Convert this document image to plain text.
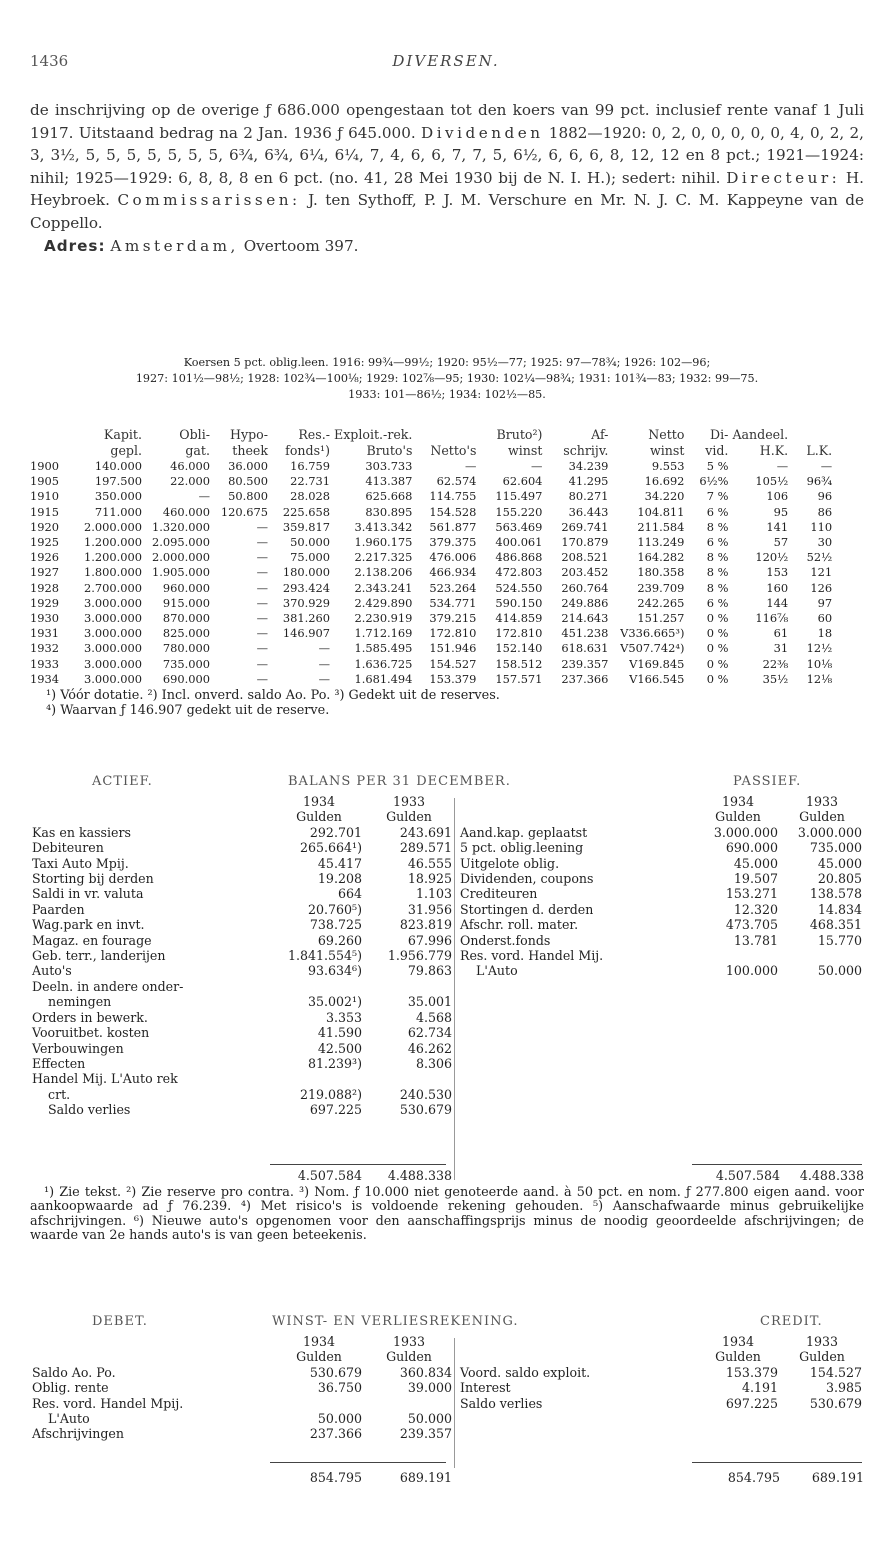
1436	DIVERSEN.

de inschrijving op de overige ƒ 686.000 opengestaan tot den koers van 99 pct. inclusief rente vanaf 1 Juli 1917. Uitstaand bedrag na 2 Jan. 1936 ƒ 645.000. Dividenden 1882—1920: 0, 2, 0, 0, 0, 0, 0, 4, 0, 2, 2, 3, 3½, 5, 5, 5, 5, 5, 5, 5, 6¾, 6¾, 6¼, 6¼, 7, 4, 6, 6, 7, 7, 5, 6½, 6, 6, 6, 8, 12, 12 en 8 pct.; 1921—1924: nihil; 1925—1929: 6, 8, 8, 8 en 6 pct. (no. 41, 28 Mei 1930 bij de N. I. H.); sedert: nihil. Directeur: H. Heybroek. Commissarissen: J. ten Sythoff, P. J. M. Verschure en Mr. N. J. C. M. Kappeyne van de Coppello.

Adres: Amsterdam, Overtoom 397.

Koersen 5 pct. oblig.leen. 1916: 99¾—99½; 1920: 95½—77; 1925: 97—78¾; 1926: 102—96;

1927: 101½—98½; 1928: 102¾—100⅛; 1929: 102⅞—95; 1930: 102¼—98¾; 1931: 101¾—83; 1932: 99—75.

1933: 101—86½; 1934: 102½—85.

	Kapit.	Obli-	Hypo-	Res.-	Exploit.-rek.		Bruto²)	Af-	Netto	Di-	Aandeel.	
	gepl.	gat.	theek	fonds¹)	Bruto's	Netto's	winst	schrijv.	winst	vid.	H.K.	L.K.
1900	140.000	46.000	36.000	16.759	303.733	—	—	34.239	9.553	5 %	—	—
1905	197.500	22.000	80.500	22.731	413.387	62.574	62.604	41.295	16.692	6½%	105½	96¾
1910	350.000	—	50.800	28.028	625.668	114.755	115.497	80.271	34.220	7 %	106	96
1915	711.000	460.000	120.675	225.658	830.895	154.528	155.220	36.443	104.811	6 %	95	86
1920	2.000.000	1.320.000	—	359.817	3.413.342	561.877	563.469	269.741	211.584	8 %	141	110
1925	1.200.000	2.095.000	—	50.000	1.960.175	379.375	400.061	170.879	113.249	6 %	57	30
1926	1.200.000	2.000.000	—	75.000	2.217.325	476.006	486.868	208.521	164.282	8 %	120½	52½
1927	1.800.000	1.905.000	—	180.000	2.138.206	466.934	472.803	203.452	180.358	8 %	153	121
1928	2.700.000	960.000	—	293.424	2.343.241	523.264	524.550	260.764	239.709	8 %	160	126
1929	3.000.000	915.000	—	370.929	2.429.890	534.771	590.150	249.886	242.265	6 %	144	97
1930	3.000.000	870.000	—	381.260	2.230.919	379.215	414.859	214.643	151.257	0 %	116⅞	60
1931	3.000.000	825.000	—	146.907	1.712.169	172.810	172.810	451.238	V336.665³)	0 %	61	18
1932	3.000.000	780.000	—	—	1.585.495	151.946	152.140	618.631	V507.742⁴)	0 %	31	12½
1933	3.000.000	735.000	—	—	1.636.725	154.527	158.512	239.357	V169.845	0 %	22⅜	10⅛
1934	3.000.000	690.000	—	—	1.681.494	153.379	157.571	237.366	V166.545	0 %	35½	12⅛

¹) Vóór dotatie. ²) Incl. onverd. saldo Ao. Po. ³) Gedekt uit de reserves.

⁴) Waarvan ƒ 146.907 gedekt uit de reserve.

ACTIEF.	BALANS PER 31 DECEMBER.	PASSIEF.
	1934	1933
	Gulden	Gulden
Kas en kassiers	292.701	243.691
Debiteuren	265.664¹)	289.571
Taxi Auto Mpij.	45.417	46.555
Storting bij derden	19.208	18.925
Saldi in vr. valuta	664	1.103
Paarden	20.760⁵)	31.956
Wag.park en invt.	738.725	823.819
Magaz. en fourage	69.260	67.996
Geb. terr., landerijen	1.841.554⁵)	1.956.779
Auto's	93.634⁶)	79.863
Deeln. in andere onder-		
nemingen	35.002¹)	35.001
Orders in bewerk.	3.353	4.568
Vooruitbet. kosten	41.590	62.734
Verbouwingen	42.500	46.262
Effecten	81.239³)	8.306
Handel Mij. L'Auto rek		
crt.	219.088²)	240.530
Saldo verlies	697.225	530.679
	1934	1933
	Gulden	Gulden
Aand.kap. geplaatst	3.000.000	3.000.000
5 pct. oblig.leening	690.000	735.000
Uitgelote oblig.	45.000	45.000
Dividenden, coupons	19.507	20.805
Crediteuren	153.271	138.578
Stortingen d. derden	12.320	14.834
Afschr. roll. mater.	473.705	468.351
Onderst.fonds	13.781	15.770
Res. vord. Handel Mij.		
L'Auto	100.000	50.000
4.507.584	4.488.338	4.507.584	4.488.338

¹) Zie tekst. ²) Zie reserve pro contra. ³) Nom. ƒ 10.000 niet genoteerde aand. à 50 pct. en nom. ƒ 277.800 eigen aand. voor aankoopwaarde ad ƒ 76.239. ⁴) Met risico's is voldoende rekening gehouden. ⁵) Aanschafwaarde minus gebruikelijke afschrijvingen. ⁶) Nieuwe auto's opgenomen voor den aanschaffingsprijs minus de noodig geoordeelde afschrijvingen; de waarde van 2e hands auto's is van geen beteekenis.

DEBET.	WINST- EN VERLIESREKENING.	CREDIT.
	1934	1933
	Gulden	Gulden
Saldo Ao. Po.	530.679	360.834
Oblig. rente	36.750	39.000
Res. vord. Handel Mpij.		
L'Auto	50.000	50.000
Afschrijvingen	237.366	239.357
	1934	1933
	Gulden	Gulden
Voord. saldo exploit.	153.379	154.527
Interest	4.191	3.985
Saldo verlies	697.225	530.679
854.795	689.191	854.795	689.191
